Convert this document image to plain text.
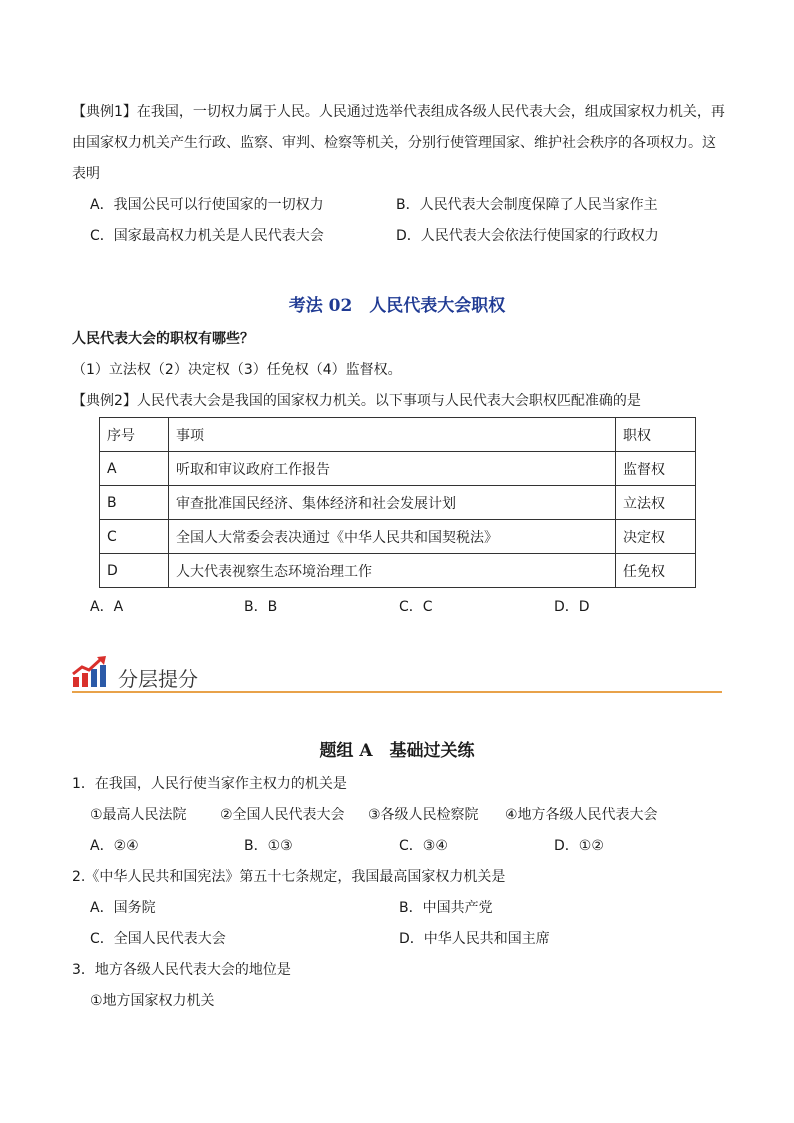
【典例1】在我国，一切权力属于人民。人民通过选举代表组成各级人民代表大会，组成国家权力机关，再
由国家权力机关产生行政、监察、审判、检察等机关，分别行使管理国家、维护社会秩序的各项权力。这
表明
A．我国公民可以行使国家的一切权力	B．人民代表大会制度保障了人民当家作主
C．国家最高权力机关是人民代表大会	D．人民代表大会依法行使国家的行政权力
考法 02　人民代表大会职权
人民代表大会的职权有哪些？
（1）立法权（2）决定权（3）任免权（4）监督权。
【典例2】人民代表大会是我国的国家权力机关。以下事项与人民代表大会职权匹配准确的是
序号	事项	职权
A	听取和审议政府工作报告	监督权
B	审查批准国民经济、集体经济和社会发展计划	立法权
C	全国人大常委会表决通过《中华人民共和国契税法》	决定权
D	人大代表视察生态环境治理工作	任免权
A．A	B．B	C．C	D．D
分层提分
题组 A　基础过关练
1．在我国，人民行使当家作主权力的机关是
①最高人民法院 ②全国人民代表大会 ③各级人民检察院 ④地方各级人民代表大会
A．②④	B．①③	C．③④	D．①②
2.《中华人民共和国宪法》第五十七条规定，我国最高国家权力机关是
A．国务院	B．中国共产党
C．全国人民代表大会	D．中华人民共和国主席
3．地方各级人民代表大会的地位是
①地方国家权力机关
